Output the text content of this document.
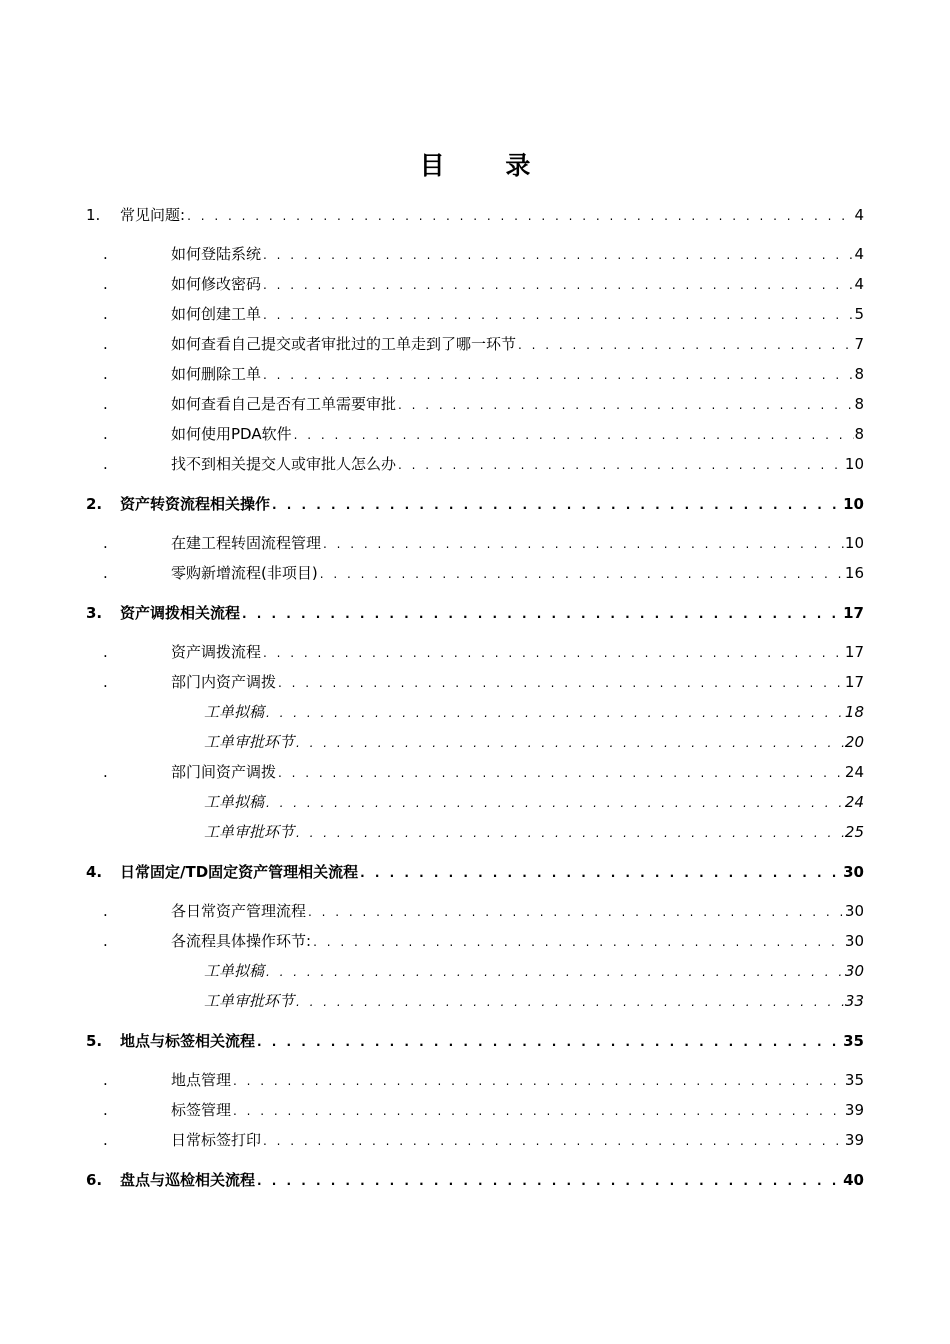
目 录
1. 常见问题: . . .	4
.	如何登陆系统 . . .	4
.	如何修改密码 . . .	4
.	如何创建工单 . . .	5
.	如何查看自己提交或者审批过的工单走到了哪一环节 . . .	7
.	如何删除工单 . . .	8
.	如何查看自己是否有工单需要审批 . . .	8
.	如何使用PDA软件 . . .	8
.	找不到相关提交人或审批人怎么办 . . .	10
2. 资产转资流程相关操作 . . .	10
.	在建工程转固流程管理 . . .	10
.	零购新增流程(非项目) . . .	16
3. 资产调拨相关流程 . . .	17
.	资产调拨流程 . . .	17
.	部门内资产调拨 . . .	17
工单拟稿 . . .	18
工单审批环节 . . .	20
.	部门间资产调拨 . . .	24
工单拟稿 . . .	24
工单审批环节 . . .	25
4. 日常固定/TD固定资产管理相关流程 . . .	30
.	各日常资产管理流程 . . .	30
.	各流程具体操作环节: . . .	30
工单拟稿 . . .	30
工单审批环节 . . .	33
5. 地点与标签相关流程 . . .	35
.	地点管理 . . .	35
.	标签管理 . . .	39
.	日常标签打印 . . .	39
6. 盘点与巡检相关流程 . . .	40
